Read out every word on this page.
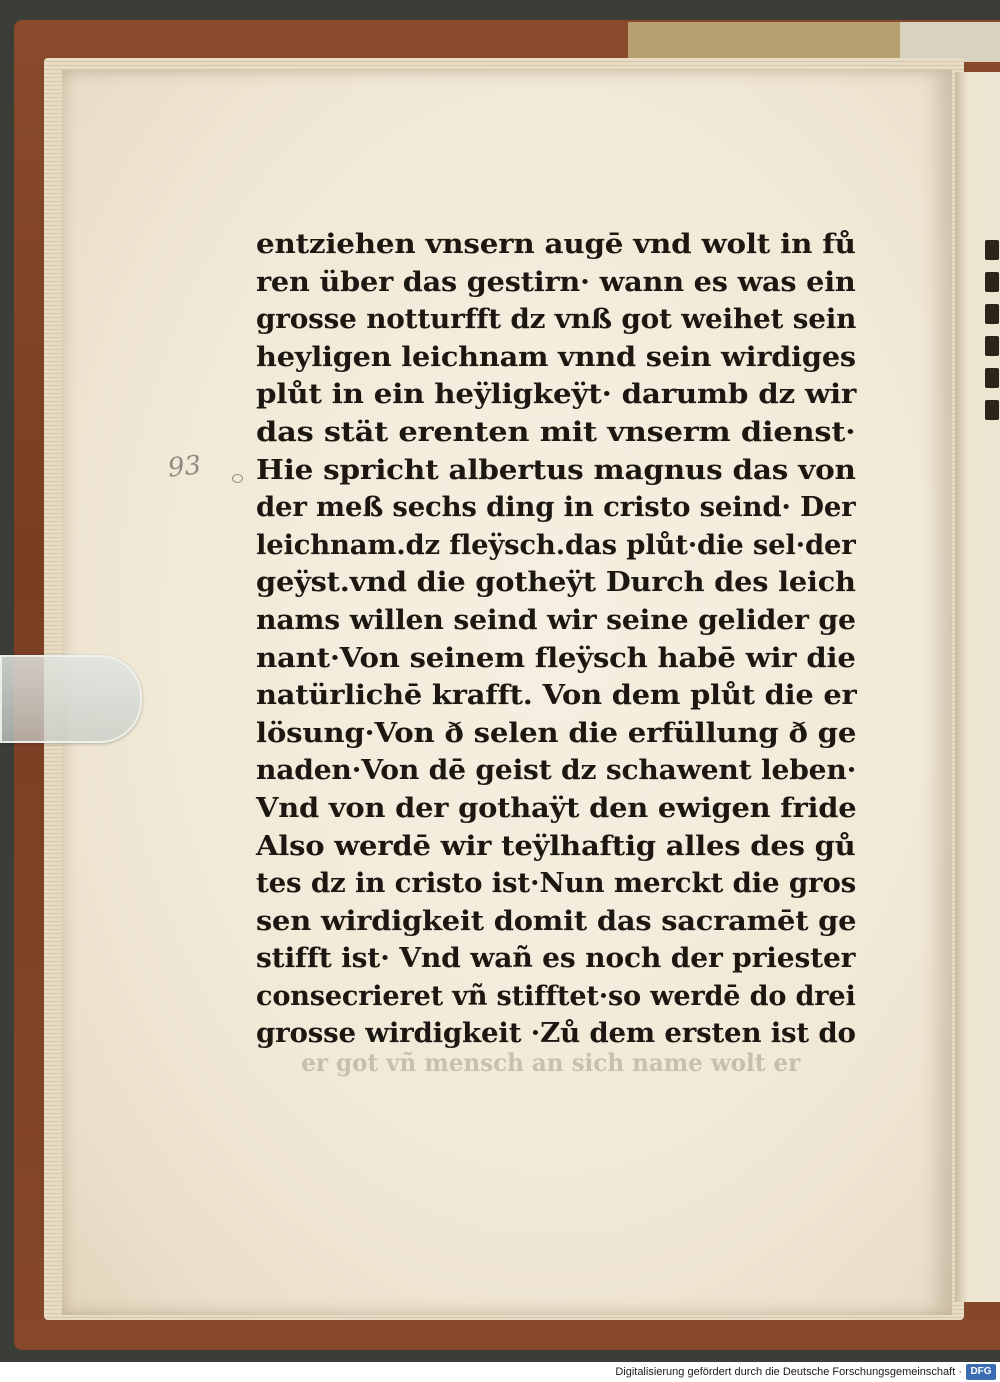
er got vñ mensch an sich name wolt er
93
entziehen vnsern augē vnd wolt in fů
ren über das gestirn· wann es was ein
grosse notturfft dz vnß got weihet sein
heyligen leichnam vnnd sein wirdiges
plůt in ein heÿligkeÿt· darumb dz wir
das stät erenten mit vnserm dienst·
Hie spricht albertus magnus das von
der meß sechs ding in cristo seind· Der
leichnam.dz fleÿsch.das plůt·die sel·der
geÿst.vnd die gotheÿt Durch des leich
nams willen seind wir seine gelider ge
nant·Von seinem fleÿsch habē wir die
natürlichē krafft. Von dem plůt die er
lösung·Von ð selen die erfüllung ð ge
naden·Von dē geist dz schawent leben·
Vnd von der gothaÿt den ewigen fride
Also werdē wir teÿlhaftig alles des gů
tes dz in cristo ist·Nun merckt die gros
sen wirdigkeit domit das sacramēt ge
stifft ist· Vnd wañ es noch der priester
consecrieret vñ stifftet·so werdē do drei
grosse wirdigkeit ·Zů dem ersten ist do
Digitalisierung gefördert durch die Deutsche Forschungsgemeinschaft · DFG
